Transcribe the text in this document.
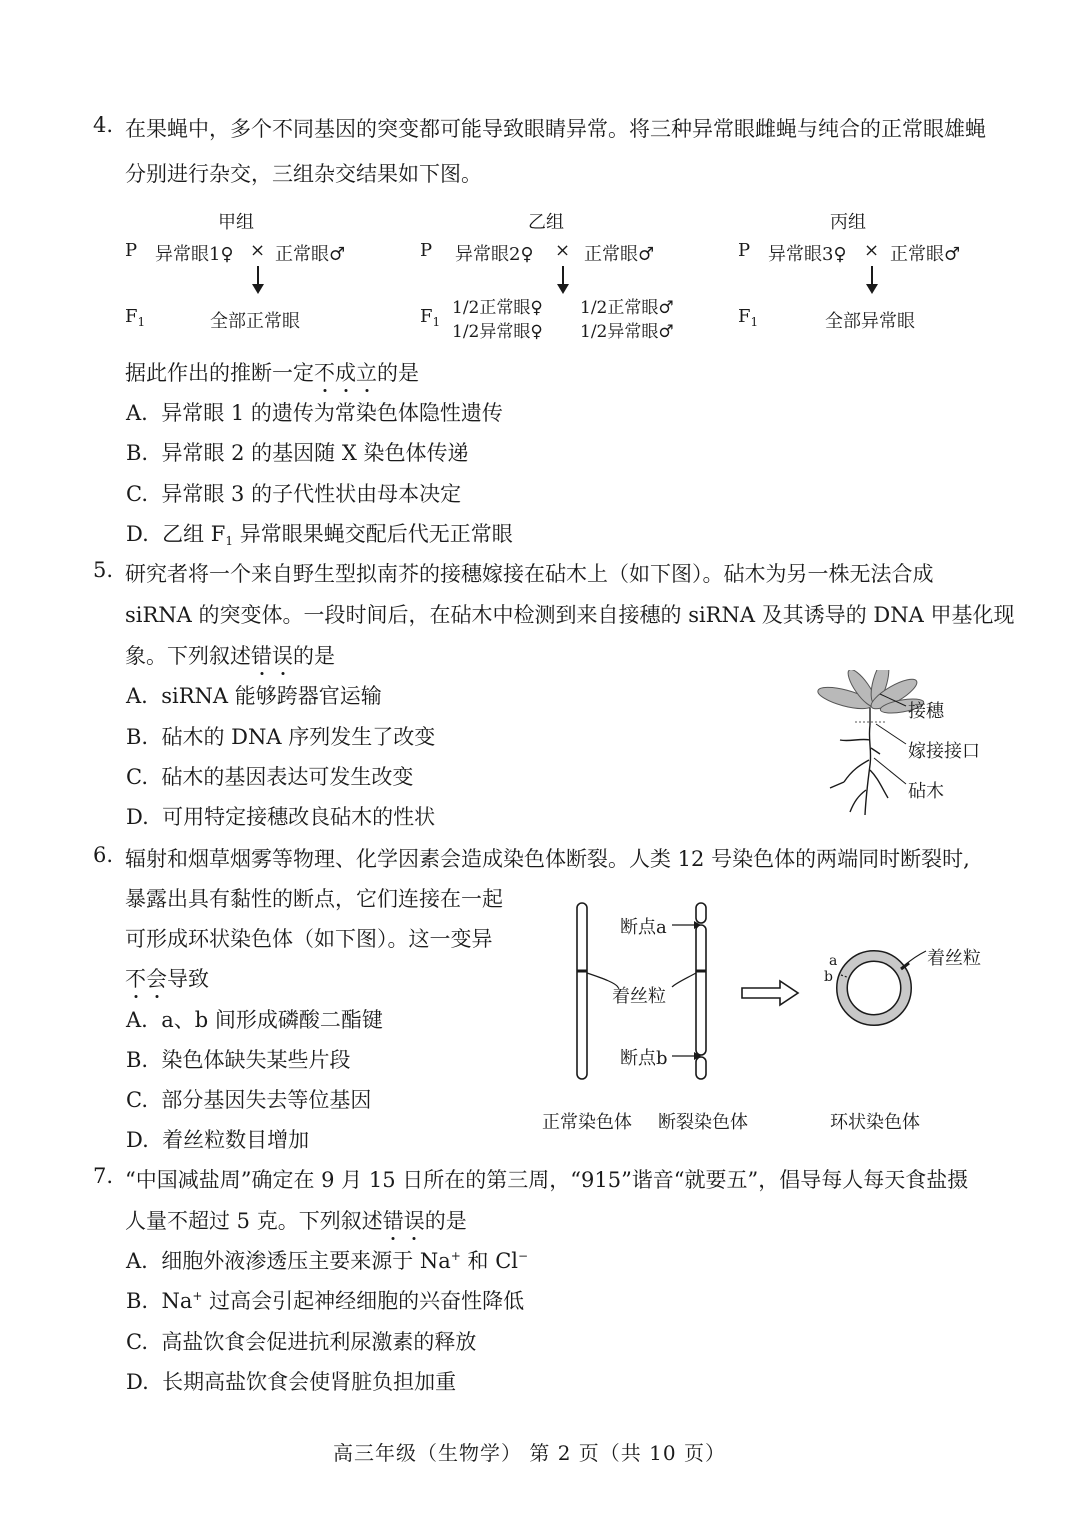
4. 在果蝇中，多个不同基因的突变都可能导致眼睛异常。将三种异常眼雌蝇与纯合的正常眼雄蝇
分别进行杂交，三组杂交结果如下图。
甲组
P 异常眼1♀ × 正常眼♂
$F_1$	全部正常眼
乙组
P 异常眼2♀ × 正常眼♂
$F_1$
1/2正常眼♀
1/2异常眼♀
1/2正常眼♂
1/2异常眼♂
丙组
P 异常眼3♀ × 正常眼♂
$F_1$	全部异常眼
据此作出的推断一定不成立的是
A. 异常眼 1 的遗传为常染色体隐性遗传
B. 异常眼 2 的基因随 X 染色体传递
C. 异常眼 3 的子代性状由母本决定
D. 乙组 $F_1$ 异常眼果蝇交配后代无正常眼
5. 研究者将一个来自野生型拟南芥的接穗嫁接在砧木上（如下图）。砧木为另一株无法合成
siRNA 的突变体。一段时间后，在砧木中检测到来自接穗的 siRNA 及其诱导的 DNA 甲基化现
象。下列叙述错误的是
A. siRNA 能够跨器官运输
B. 砧木的 DNA 序列发生了改变
C. 砧木的基因表达可发生改变
D. 可用特定接穗改良砧木的性状
接穗
嫁接接口
砧木
6. 辐射和烟草烟雾等物理、化学因素会造成染色体断裂。人类 12 号染色体的两端同时断裂时,
暴露出具有黏性的断点，它们连接在一起
可形成环状染色体（如下图）。这一变异
不会导致
A. a、b 间形成磷酸二酯键
B. 染色体缺失某些片段
C. 部分基因失去等位基因
D. 着丝粒数目增加
断点a
着丝粒
断点b
a
b
着丝粒
正常染色体 断裂染色体	环状染色体
7. “中国减盐周”确定在 9 月 15 日所在的第三周，“915”谐音“就要五”，倡导每人每天食盐摄
人量不超过 5 克。下列叙述错误的是
A. 细胞外液渗透压主要来源于 Na+ 和 Cl−
B. Na+ 过高会引起神经细胞的兴奋性降低
C. 高盐饮食会促进抗利尿激素的释放
D. 长期高盐饮食会使肾脏负担加重
高三年级（生物学） 第 2 页（共 10 页）
